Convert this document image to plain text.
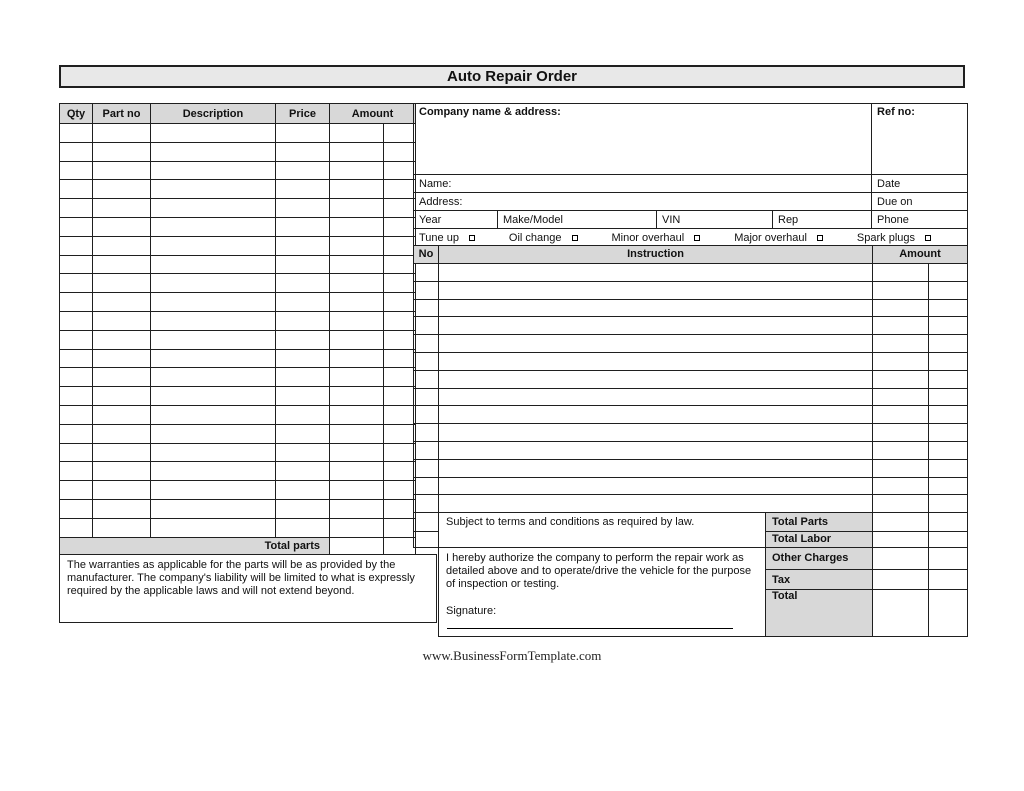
Auto Repair Order
Qty	Part no	Description	Price	Amount	

Total parts					
The warranties as applicable for the parts will be as provided by the manufacturer. The company's liability will be limited to what is expressly required by the applicable laws and will not extend beyond.
Company name & address:				Ref no:
Name:				Date
Address:				Due on
Year	Make/Model	VIN	Rep	Phone

Tune up Oil change Minor overhaul Major overhaul Spark plugs				
No	Instruction	Amount	

	Subject to terms and conditions as required by law.	Total Parts		
		Total Labor		

	I hereby authorize the company to perform the repair work as detailed above and to operate/drive the vehicle for the purpose of inspection or testing.
Signature:	Other Charges		
		Tax		
		Total		
www.BusinessFormTemplate.com
